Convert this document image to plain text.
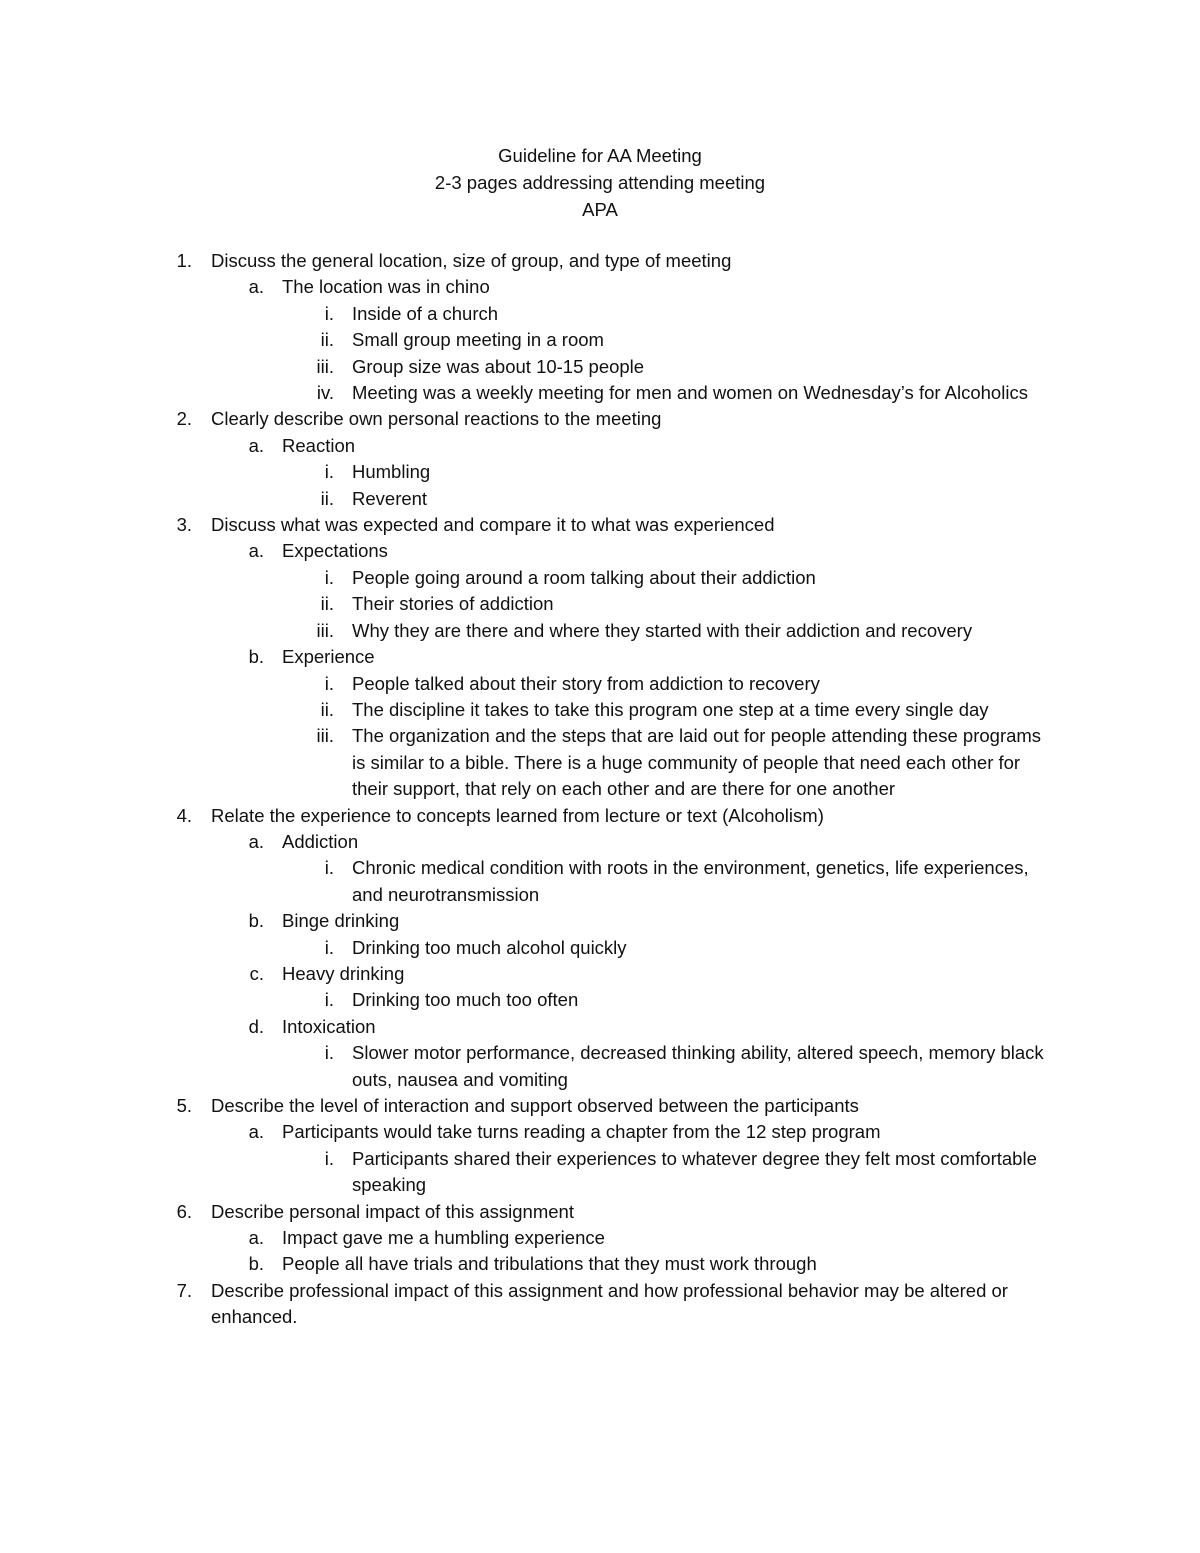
Guideline for AA Meeting
2-3 pages addressing attending meeting
APA
1. Discuss the general location, size of group, and type of meeting
a. The location was in chino
i. Inside of a church
ii. Small group meeting in a room
iii. Group size was about 10-15 people
iv. Meeting was a weekly meeting for men and women on Wednesday’s for Alcoholics
2. Clearly describe own personal reactions to the meeting
a. Reaction
i. Humbling
ii. Reverent
3. Discuss what was expected and compare it to what was experienced
a. Expectations
i. People going around a room talking about their addiction
ii. Their stories of addiction
iii. Why they are there and where they started with their addiction and recovery
b. Experience
i. People talked about their story from addiction to recovery
ii. The discipline it takes to take this program one step at a time every single day
iii. The organization and the steps that are laid out for people attending these programs is similar to a bible. There is a huge community of people that need each other for their support, that rely on each other and are there for one another
4. Relate the experience to concepts learned from lecture or text (Alcoholism)
a. Addiction
i. Chronic medical condition with roots in the environment, genetics, life experiences, and neurotransmission
b. Binge drinking
i. Drinking too much alcohol quickly
c. Heavy drinking
i. Drinking too much too often
d. Intoxication
i. Slower motor performance, decreased thinking ability, altered speech, memory black outs, nausea and vomiting
5. Describe the level of interaction and support observed between the participants
a. Participants would take turns reading a chapter from the 12 step program
i. Participants shared their experiences to whatever degree they felt most comfortable speaking
6. Describe personal impact of this assignment
a. Impact gave me a humbling experience
b. People all have trials and tribulations that they must work through
7. Describe professional impact of this assignment and how professional behavior may be altered or enhanced.
